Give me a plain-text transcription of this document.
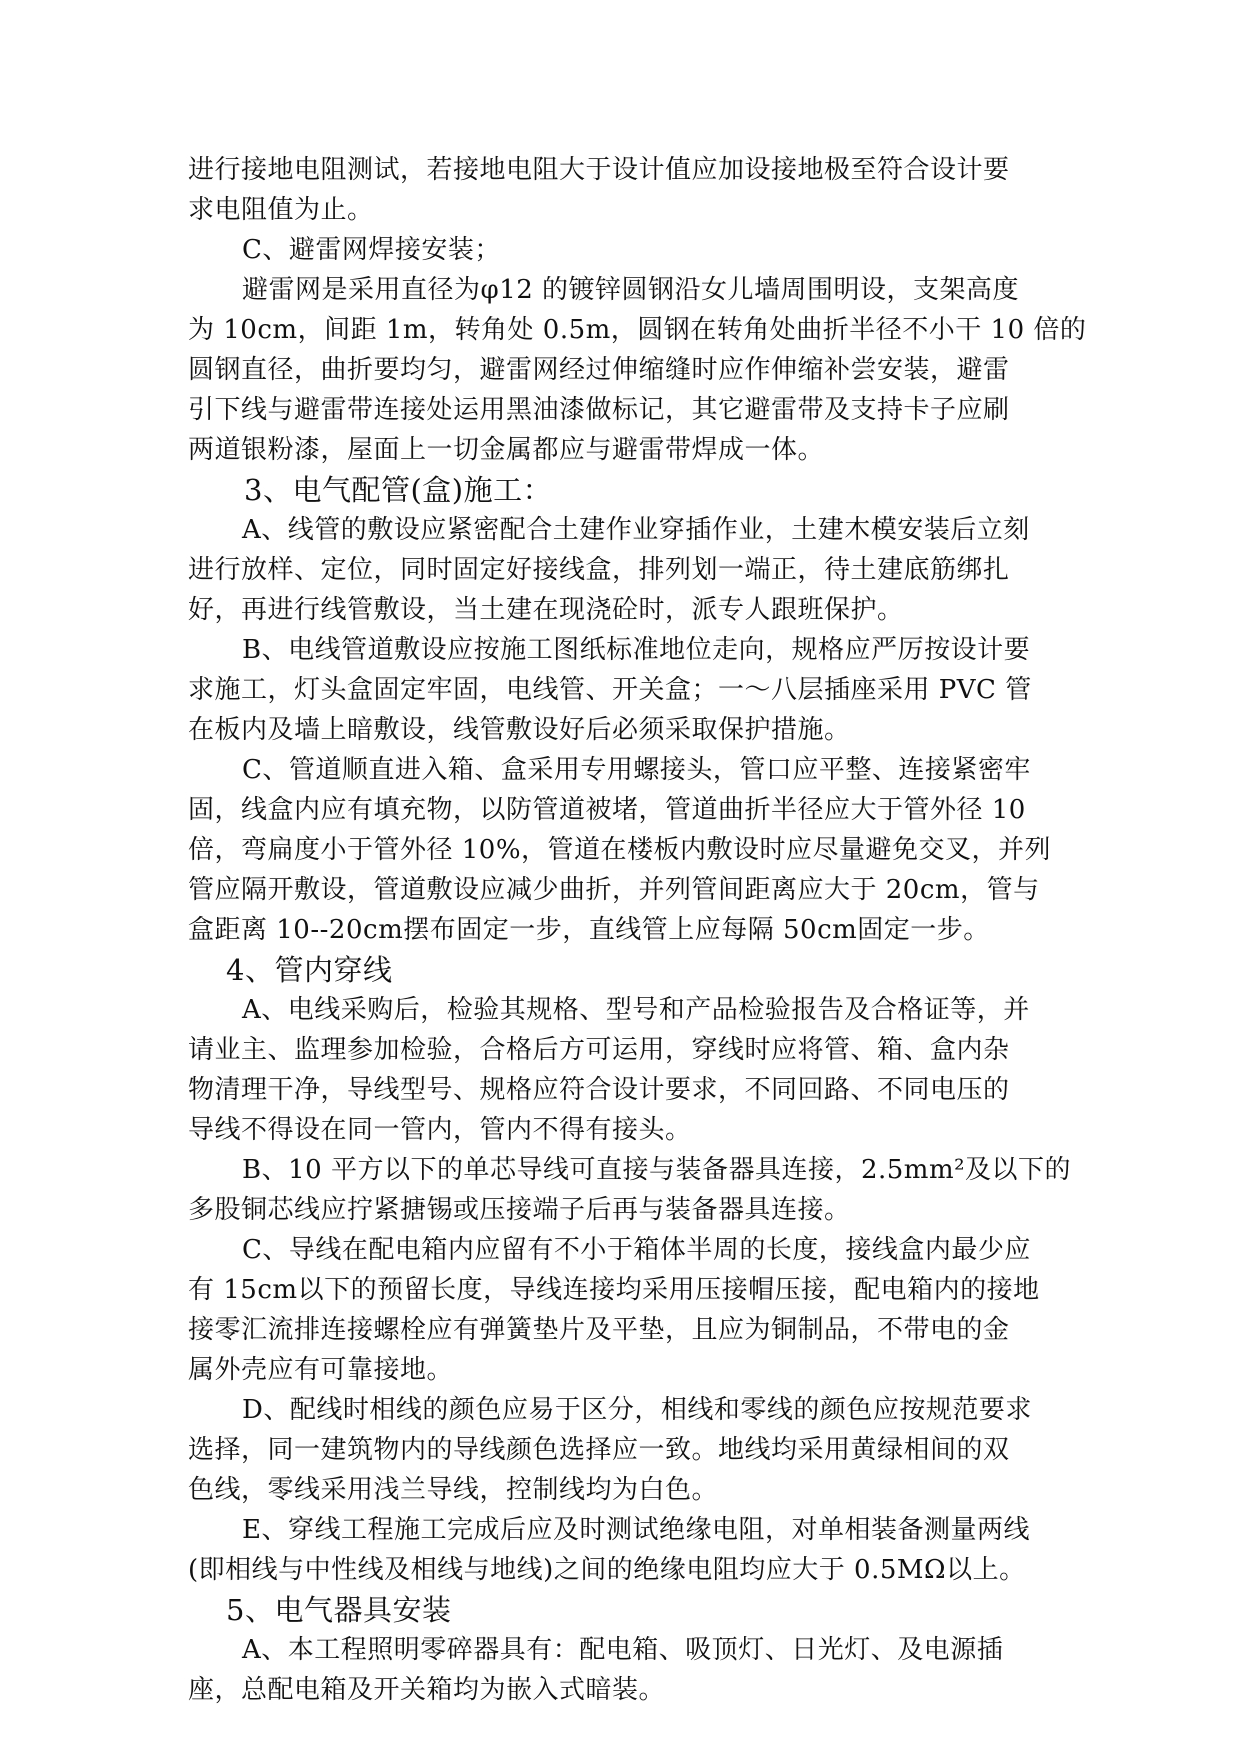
进行接地电阻测试，若接地电阻大于设计值应加设接地极至符合设计要
求电阻值为止。
C、避雷网焊接安装；
避雷网是采用直径为φ12 的镀锌圆钢沿女儿墙周围明设，支架高度
为 10cm，间距 1m，转角处 0.5m，圆钢在转角处曲折半径不小干 10 倍的
圆钢直径，曲折要均匀，避雷网经过伸缩缝时应作伸缩补尝安装，避雷
引下线与避雷带连接处运用黑油漆做标记，其它避雷带及支持卡子应刷
两道银粉漆，屋面上一切金属都应与避雷带焊成一体。
3、电气配管(盒)施工：
A、线管的敷设应紧密配合土建作业穿插作业，土建木模安装后立刻
进行放样、定位，同时固定好接线盒，排列划一端正，待土建底筋绑扎
好，再进行线管敷设，当土建在现浇砼时，派专人跟班保护。
B、电线管道敷设应按施工图纸标准地位走向，规格应严厉按设计要
求施工，灯头盒固定牢固，电线管、开关盒；一～八层插座采用 PVC 管
在板内及墙上暗敷设，线管敷设好后必须采取保护措施。
C、管道顺直进入箱、盒采用专用螺接头，管口应平整、连接紧密牢
固，线盒内应有填充物，以防管道被堵，管道曲折半径应大于管外径 10
倍，弯扁度小于管外径 10%，管道在楼板内敷设时应尽量避免交叉，并列
管应隔开敷设，管道敷设应减少曲折，并列管间距离应大于 20cm，管与
盒距离 10--20cm摆布固定一步，直线管上应每隔 50cm固定一步。
4、管内穿线
A、电线采购后，检验其规格、型号和产品检验报告及合格证等，并
请业主、监理参加检验，合格后方可运用，穿线时应将管、箱、盒内杂
物清理干净，导线型号、规格应符合设计要求，不同回路、不同电压的
导线不得设在同一管内，管内不得有接头。
B、10 平方以下的单芯导线可直接与装备器具连接，2.5mm²及以下的
多股铜芯线应拧紧搪锡或压接端子后再与装备器具连接。
C、导线在配电箱内应留有不小于箱体半周的长度，接线盒内最少应
有 15cm以下的预留长度，导线连接均采用压接帽压接，配电箱内的接地
接零汇流排连接螺栓应有弹簧垫片及平垫，且应为铜制品，不带电的金
属外壳应有可靠接地。
D、配线时相线的颜色应易于区分，相线和零线的颜色应按规范要求
选择，同一建筑物内的导线颜色选择应一致。地线均采用黄绿相间的双
色线，零线采用浅兰导线，控制线均为白色。
E、穿线工程施工完成后应及时测试绝缘电阻，对单相装备测量两线
(即相线与中性线及相线与地线)之间的绝缘电阻均应大于 0.5MΩ以上。
5、电气器具安装
A、本工程照明零碎器具有：配电箱、吸顶灯、日光灯、及电源插
座，总配电箱及开关箱均为嵌入式暗装。
